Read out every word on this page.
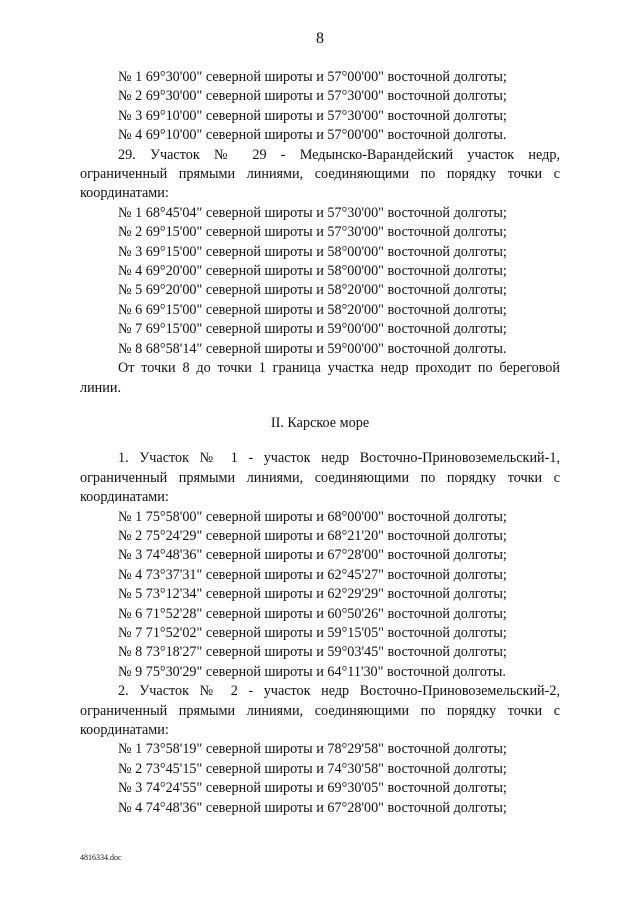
8
№ 1 69°30'00" северной широты и 57°00'00" восточной долготы;
№ 2 69°30'00" северной широты и 57°30'00" восточной долготы;
№ 3 69°10'00" северной широты и 57°30'00" восточной долготы;
№ 4 69°10'00" северной широты и 57°00'00" восточной долготы.
29. Участок № 29 - Медынско-Варандейский участок недр, ограниченный прямыми линиями, соединяющими по порядку точки с координатами:
№ 1 68°45'04" северной широты и 57°30'00" восточной долготы;
№ 2 69°15'00" северной широты и 57°30'00" восточной долготы;
№ 3 69°15'00" северной широты и 58°00'00" восточной долготы;
№ 4 69°20'00" северной широты и 58°00'00" восточной долготы;
№ 5 69°20'00" северной широты и 58°20'00" восточной долготы;
№ 6 69°15'00" северной широты и 58°20'00" восточной долготы;
№ 7 69°15'00" северной широты и 59°00'00" восточной долготы;
№ 8 68°58'14" северной широты и 59°00'00" восточной долготы.
От точки 8 до точки 1 граница участка недр проходит по береговой линии.
II. Карское море
1. Участок № 1 - участок недр Восточно-Приновоземельский-1, ограниченный прямыми линиями, соединяющими по порядку точки с координатами:
№ 1 75°58'00" северной широты и 68°00'00" восточной долготы;
№ 2 75°24'29" северной широты и 68°21'20" восточной долготы;
№ 3 74°48'36" северной широты и 67°28'00" восточной долготы;
№ 4 73°37'31" северной широты и 62°45'27" восточной долготы;
№ 5 73°12'34" северной широты и 62°29'29" восточной долготы;
№ 6 71°52'28" северной широты и 60°50'26" восточной долготы;
№ 7 71°52'02" северной широты и 59°15'05" восточной долготы;
№ 8 73°18'27" северной широты и 59°03'45" восточной долготы;
№ 9 75°30'29" северной широты и 64°11'30" восточной долготы.
2. Участок № 2 - участок недр Восточно-Приновоземельский-2, ограниченный прямыми линиями, соединяющими по порядку точки с координатами:
№ 1 73°58'19" северной широты и 78°29'58" восточной долготы;
№ 2 73°45'15" северной широты и 74°30'58" восточной долготы;
№ 3 74°24'55" северной широты и 69°30'05" восточной долготы;
№ 4 74°48'36" северной широты и 67°28'00" восточной долготы;
4816334.doc
